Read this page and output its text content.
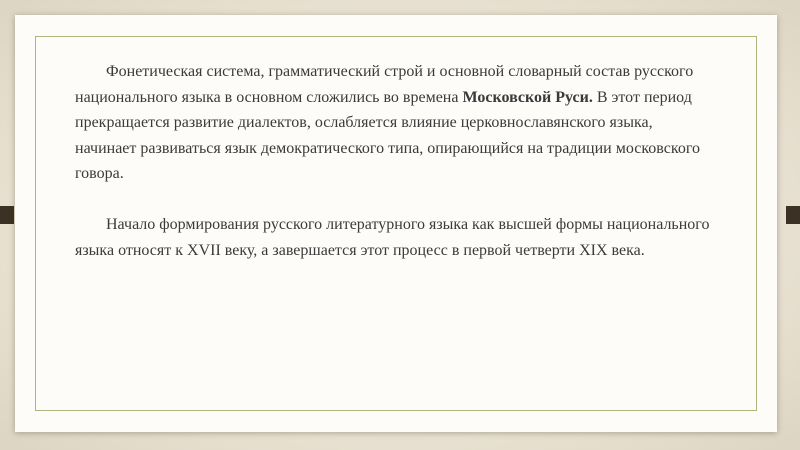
Фонетическая система, грамматический строй и основной словарный состав русского национального языка в основном сложились во времена Московской Руси. В этот период прекращается развитие диалектов, ослабляется влияние церковнославянского языка, начинает развиваться язык демократического типа, опирающийся на традиции московского говора.

Начало формирования русского литературного языка как высшей формы национального языка относят к XVII веку, а завершается этот процесс в первой четверти XIX века.
